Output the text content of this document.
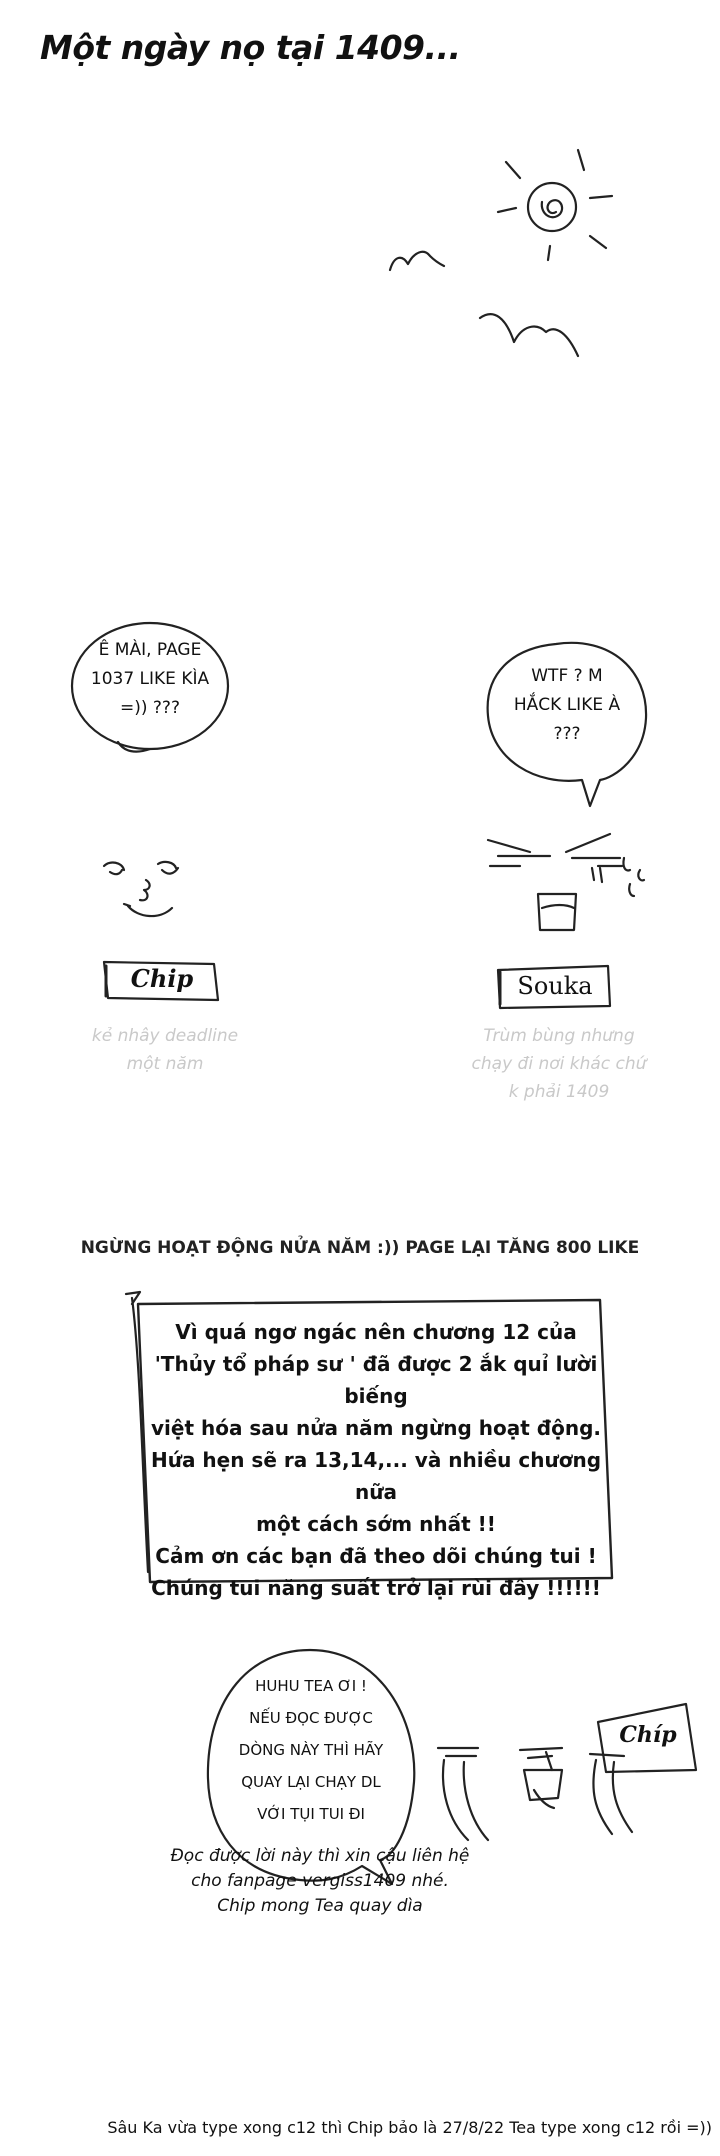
Một ngày nọ tại 1409...
Ê MÀI, PAGE
1037 LIKE KÌA
=)) ???
WTF ? M
HẮCK LIKE À
???
Chip	Souka
kẻ nhây deadline
một năm
Trùm bùng nhưng
chạy đi nơi khác chứ
k phải 1409
NGỪNG HOẠT ĐỘNG NỬA NĂM :)) PAGE LẠI TĂNG 800 LIKE
Vì quá ngơ ngác nên chương 12 của
'Thủy tổ pháp sư ' đã được 2 ắk quỉ lười biếng
việt hóa sau nửa năm ngừng hoạt động.
Hứa hẹn sẽ ra 13,14,... và nhiều chương nữa
một cách sớm nhất !!
Cảm ơn các bạn đã theo dõi chúng tui !
Chúng tui năng suất trở lại rùi đây !!!!!!
HUHU TEA ƠI !
NẾU ĐỌC ĐƯỢC
DÒNG NÀY THÌ HÃY
QUAY LẠI CHẠY DL
VỚI TỤI TUI ĐI
Chíp
Đọc được lời này thì xin cậu liên hệ
cho fanpage vergiss1409 nhé.
Chip mong Tea quay dìa
Sâu Ka vừa type xong c12 thì Chip bảo là 27/8/22 Tea type xong c12 rồi =))
